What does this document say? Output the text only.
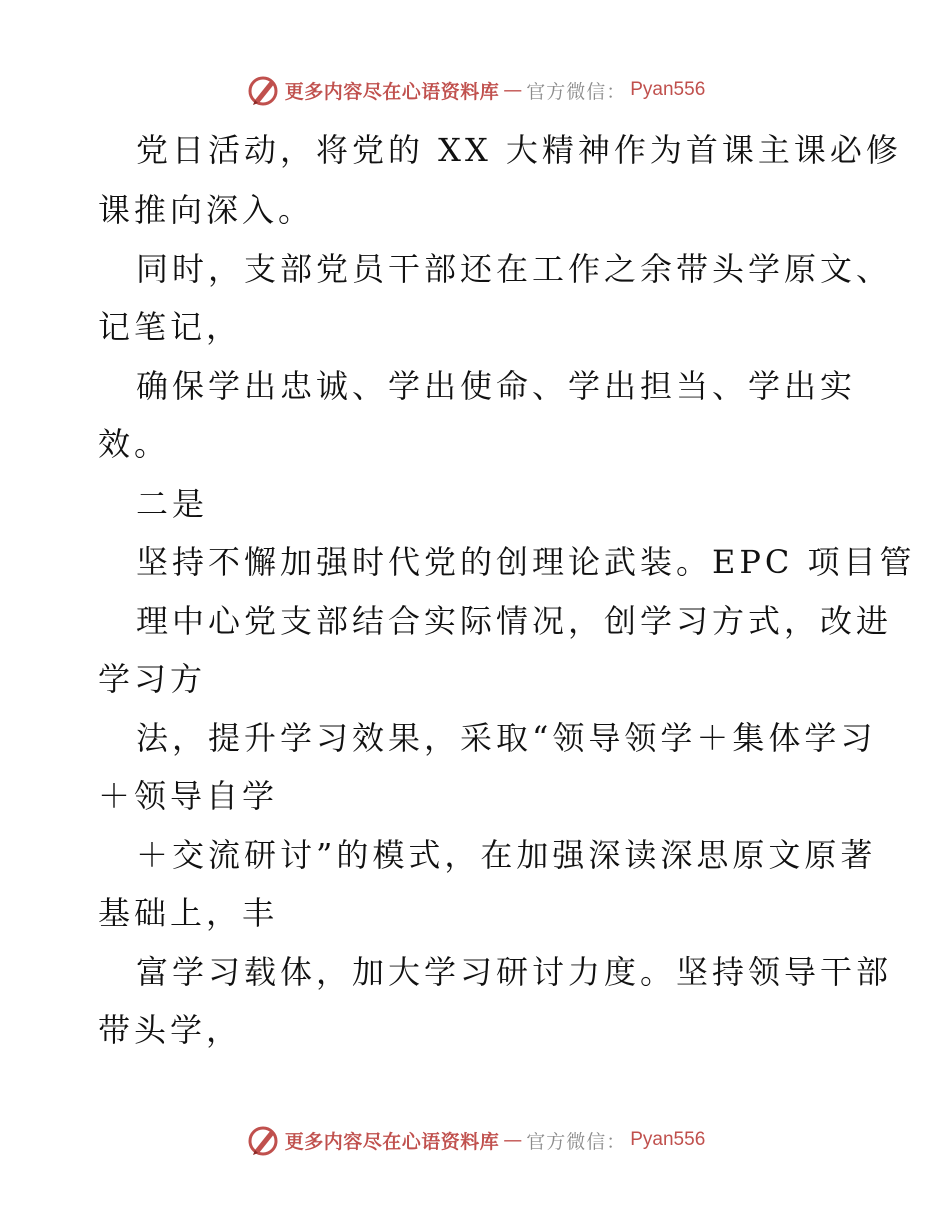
更多内容尽在心语资料库 — 官方微信： Pyan556
党日活动，将党的 XX 大精神作为首课主课必修
课推向深入。
同时，支部党员干部还在工作之余带头学原文、
记笔记，
确保学出忠诚、学出使命、学出担当、学出实
效。
二是
坚持不懈加强时代党的创理论武装。EPC 项目管
理中心党支部结合实际情况，创学习方式，改进
学习方
法，提升学习效果，采取“领导领学＋集体学习
＋领导自学
＋交流研讨”的模式，在加强深读深思原文原著
基础上，丰
富学习载体，加大学习研讨力度。坚持领导干部
带头学，
更多内容尽在心语资料库 — 官方微信： Pyan556
